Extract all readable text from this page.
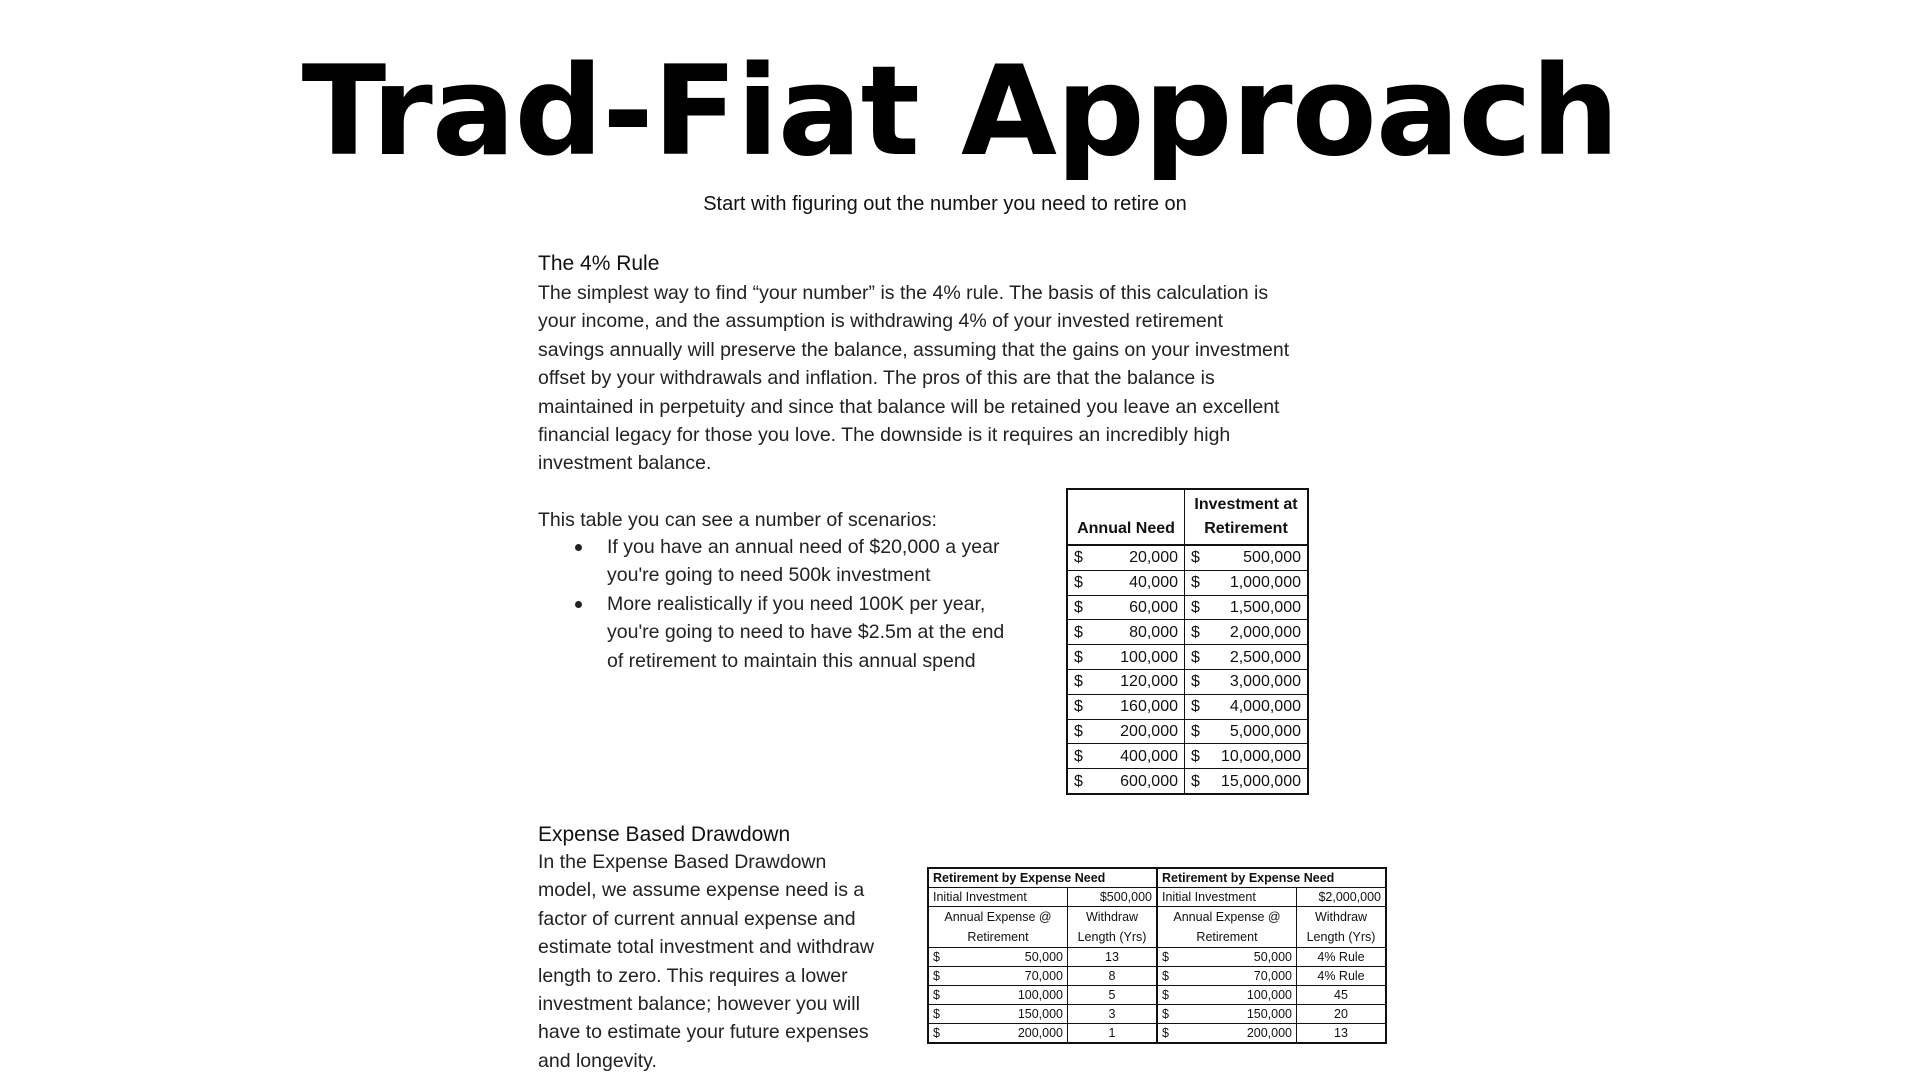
Trad-Fiat Approach
Start with figuring out the number you need to retire on
The 4% Rule
The simplest way to find “your number” is the 4% rule. The basis of this calculation is
your income, and the assumption is withdrawing 4% of your invested retirement
savings annually will preserve the balance, assuming that the gains on your investment
offset by your withdrawals and inflation. The pros of this are that the balance is
maintained in perpetuity and since that balance will be retained you leave an excellent
financial legacy for those you love. The downside is it requires an incredibly high
investment balance.
This table you can see a number of scenarios:
If you have an annual need of $20,000 a year
you're going to need 500k investment
More realistically if you need 100K per year,
you're going to need to have $2.5m at the end
of retirement to maintain this annual spend
Annual Need	Investment at Retirement

$ 20,000	$ 500,000

$ 40,000	$ 1,000,000

$ 60,000	$ 1,500,000

$ 80,000	$ 2,000,000

$ 100,000	$ 2,500,000

$ 120,000	$ 3,000,000

$ 160,000	$ 4,000,000

$ 200,000	$ 5,000,000

$ 400,000	$ 10,000,000

$ 600,000	$ 15,000,000
Expense Based Drawdown
In the Expense Based Drawdown
model, we assume expense need is a
factor of current annual expense and
estimate total investment and withdraw
length to zero. This requires a lower
investment balance; however you will
have to estimate your future expenses
and longevity.
Retirement by Expense Need	
Initial Investment	$500,000
Annual Expense @ Retirement	Withdraw Length (Yrs)

$ 50,000	13

$ 70,000	8

$ 100,000	5

$ 150,000	3

$ 200,000	1
Retirement by Expense Need	
Initial Investment	$2,000,000
Annual Expense @ Retirement	Withdraw Length (Yrs)

$ 50,000	4% Rule

$ 70,000	4% Rule

$ 100,000	45

$ 150,000	20

$ 200,000	13
